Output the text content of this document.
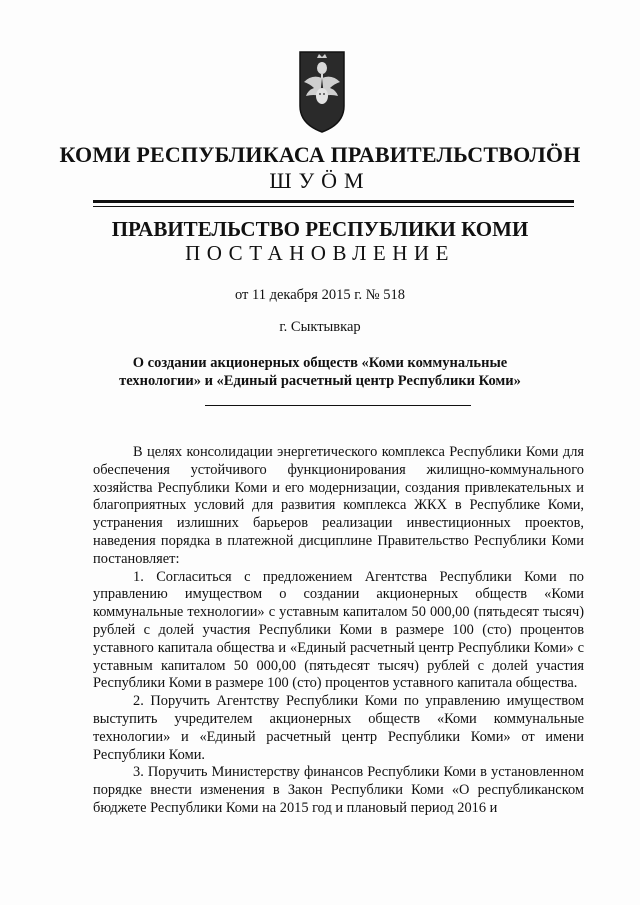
КОМИ РЕСПУБЛИКАСА ПРАВИТЕЛЬСТВОЛӦН
ШУӦМ
ПРАВИТЕЛЬСТВО РЕСПУБЛИКИ КОМИ
ПОСТАНОВЛЕНИЕ
от 11 декабря 2015 г. № 518
г. Сыктывкар
О создании акционерных обществ «Коми коммунальные
технологии» и «Единый расчетный центр Республики Коми»

В целях консолидации энергетического комплекса Республики Коми для обеспечения устойчивого функционирования жилищно-коммунального хозяйства Республики Коми и его модернизации, создания привлекательных и благоприятных условий для развития комплекса ЖКХ в Республике Коми, устранения излишних барьеров реализации инвестиционных проектов, наведения порядка в платежной дисциплине Правительство Республики Коми постановляет:

1. Согласиться с предложением Агентства Республики Коми по управлению имуществом о создании акционерных обществ «Коми коммунальные технологии» с уставным капиталом 50 000,00 (пятьдесят тысяч) рублей с долей участия Республики Коми в размере 100 (сто) процентов уставного капитала общества и «Единый расчетный центр Республики Коми» с уставным капиталом 50 000,00 (пятьдесят тысяч) рублей с долей участия Республики Коми в размере 100 (сто) процентов уставного капитала общества.

2. Поручить Агентству Республики Коми по управлению имуществом выступить учредителем акционерных обществ «Коми коммунальные технологии» и «Единый расчетный центр Республики Коми» от имени Республики Коми.

3. Поручить Министерству финансов Республики Коми в установленном порядке внести изменения в Закон Республики Коми «О республиканском бюджете Республики Коми на 2015 год и плановый период 2016 и
